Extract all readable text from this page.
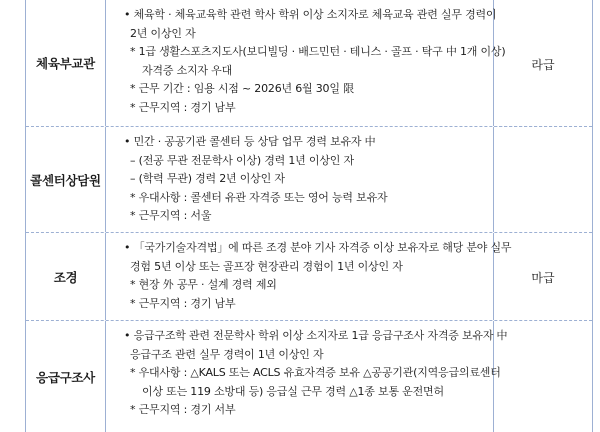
체육부교관
• 체육학 · 체육교육학 관련 학사 학위 이상 소지자로 체육교육 관련 실무 경력이
2년 이상인 자
* 1급 생활스포츠지도사(보디빌딩 · 배드민턴 · 테니스 · 골프 · 탁구 中 1개 이상)
자격증 소지자 우대
* 근무 기간 : 임용 시점 ~ 2026년 6월 30일 限
* 근무지역 : 경기 남부
라급
콜센터상담원
• 민간 · 공공기관 콜센터 등 상담 업무 경력 보유자 中
– (전공 무관 전문학사 이상) 경력 1년 이상인 자
– (학력 무관) 경력 2년 이상인 자
* 우대사항 : 콜센터 유관 자격증 또는 영어 능력 보유자
* 근무지역 : 서울
조경
• 「국가기술자격법」에 따른 조경 분야 기사 자격증 이상 보유자로 해당 분야 실무
경험 5년 이상 또는 골프장 현장관리 경험이 1년 이상인 자
* 현장 外 공무 · 설계 경력 제외
* 근무지역 : 경기 남부
마급
응급구조사
• 응급구조학 관련 전문학사 학위 이상 소지자로 1급 응급구조사 자격증 보유자 中
응급구조 관련 실무 경력이 1년 이상인 자
* 우대사항 : △KALS 또는 ACLS 유효자격증 보유 △공공기관(지역응급의료센터
이상 또는 119 소방대 등) 응급실 근무 경력 △1종 보통 운전면허
* 근무지역 : 경기 서부
